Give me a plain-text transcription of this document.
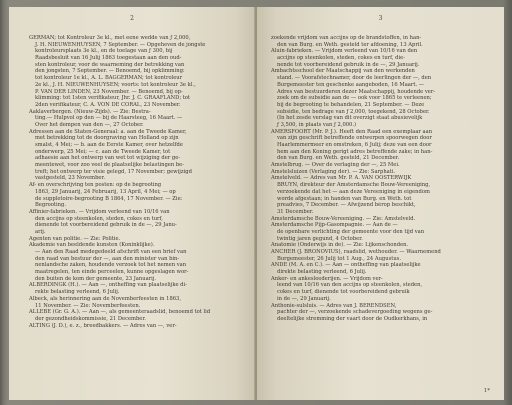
2
GERMAN; tot Kontroleur 3e kl., met eene wedde van ƒ 2,000,
J. H. NIEUWENHUYSEN, 7 September. — Opgeheven de jongste
kontroleursplaats 3e kl., en de toelage van ƒ 300, bij
Raadsbesluit van 16 Julij 1863 toegestaan aan den oud-
sten kontroleur, voor de waarneming der betrekking van
den jongsten, 7 September. — Benoemd, bij opklimming:
tot kontroleur 1e kl., A. L. BAGGERMAN; tot kontroleur
2e kl., J. H. NIEUWENHUYSEN; voorts: tot kontroleur 3e kl.,
P. VAN DER LINDEN, 23 November. — Benoemd, bij op-
klimming: tot 1sten verifikateur, Jhr. J. C. GRAAFLAND; tot
2den verifikateur, C. A. VON DE CORAL, 23 November.
Aaklaverbergen. (Nieuw-Zijds). — Zie: Bestra-
ting.— Hulpvol op den — bij de Haarsteeg, 16 Maart. —
Over het dempen van den —, 27 October.
Adressen aan de Staten-Generaal: a. aan de Tweede Kamer,
met betrekking tot de doorgraving van Holland op zijn
smalst, 4 Mei; — b. aan de Eerste Kamer, over hetzelfde
onderwerp, 25 Mei; — c. aan de Tweede Kamer, tot
adhaesie aan het ontwerp van wet tot wijziging der ge-
meentewet, voor zoo veel de plaatselijke belastingen be-
treft; het ontwerp ter visie gelegd, 17 November; gewijzigd
vastgesteld, 23 November.
Af- en overschrijving ten posten: op de begrooting
1863, 29 Januarij, 24 Februarij, 13 April, 4 Mei; — op
de suppletoire-begrooting B 1864, 17 November. — Zie:
Begrooting.
Affinier-fabrieken. — Vrijdom verleend van 10/16 van
den accijns op steenkolen, steden, cokes en turf,
dienende tot voorbereidend gebruik in de —, 29 Janu-
arij.
Agenten van politie. — Zie: Politie.
Akademie van beeldende kunsten (Koninklijke).
— Aan den Raad medegedeeld afschrift van een brief van
den raad van bestuur der —, aan den minister van bin-
nenlandsche zaken, houdende verzoek tot het nemen van
maatregelen, ten einde perceelen, kunne opgeslagen wor-
den buiten de kom der gemeente, 23 Januarij.
ALBERDINGK (H.). — Aan —, ontheffing van plaatselijke di-
rekte belasting verleend, 6 Julij.
Albeck, als herinnering aan de Novemberfeesten in 1863,
11 November. — Zie: Novemberfeesten.
ALLEBE (Gr. G. A.). — Aan —, als gemeenteraadslid, benoemd tot lid
der gezondheidskommissie, 21 December.
ALTING (J. D.), e. z., breedbakkers. — Adres van —, ver-
3
zoekende vrijdom van accijns op de brandstoffen, in han-
den van Burg. en Weth. gesteld ter afdoening, 13 April.
Aluin-fabrieken. — Vrijdom verleend van 10/16 van den
accijns op steenkolen, steden, cokes en turf, die-
nende tot voorbereidend gebruik in de —, 29 Januarij.
Ambachtsschool der Maatschappij van den werkenden
stand. — Voorafstechnamer, door de leerlingen der —, den
Burgemeester ten geschenke aangeboden, 16 Maart. —
Adres van bestuurderen dezer Maatschappij, houdende ver-
zoek om de subsidie aan de — ook voor 1865 te verleenen;
bij de begrooting te behandelen, 21 September. — Deze
subsidie, ten bedrage van ƒ 2,000, toegekend, 28 October.
(In het zesde verslag van dit overzigt staat abusievelijk
ƒ 3,500, in plaats van ƒ 2,000.)
AMERSFOORT (Mr. P. J.). Heeft den Raad een exemplaar aan
van zijn geschrift betreffende ontwerpen spoorwegen door
Haarlemmermeer en omstreken, 6 Julij; deze van een door
hem aan den Koning gerigt adres betreffende zake; in han-
den van Burg. en Weth. gesteld, 21 December.
Amstelbrug. — Over de verlaging der —, 25 Mei.
Amstelsluizen (Verlaging der). — Zie: Sarphati.
Amstelveld. — Adres van Mr. P. A. VAN OOSTERWIJK
BRUYN, direkteur der Amsterdamsche Bouw-Vereeniging,
verzoekende dat het — aan deze Vereeniging in eigendom
worde afgestaan; in handen van Burg. en Weth. tot
preadvies, 7 December. — Afwijzend bérop beschikt,
31 December.
Amsterdamsche Bouw-Vereeniging. — Zie: Amstelveld.
Amsterdamsche Pijp-Gasompagnie. — Aan de —
de openbare verlichting der gemeente voor den tijd van
twintig jaren gegund, 4 October.
Anatomie (Onderwijs in de). — Zie: Lijkenschonden.
ANCHER (J. BRONOVIUS), raadslid, wethouder. — Waarnemend
Burgemeester, 26 Julij tot 1 Aug., 24 Augustus.
ANDE (M. A. en C.). — Aan — ontheffing van plaatselijke
direkte belasting verleend, 6 Julij.
Anker- en ankesleederijen. — Vrijdom ver-
leend van 10/16 van den accijns op steenkolen, steden,
cokes en turf, dienende tot voorbereidend gebruik
in de —, 29 Januarij.
Anthonie-sulsluis. — Adres van J. BERENDSEN,
pachter der —, verzoekende schadevergoeding wegens ge-
deeltelijke stremming der vaart door de Oudkerkhans, in
1*
